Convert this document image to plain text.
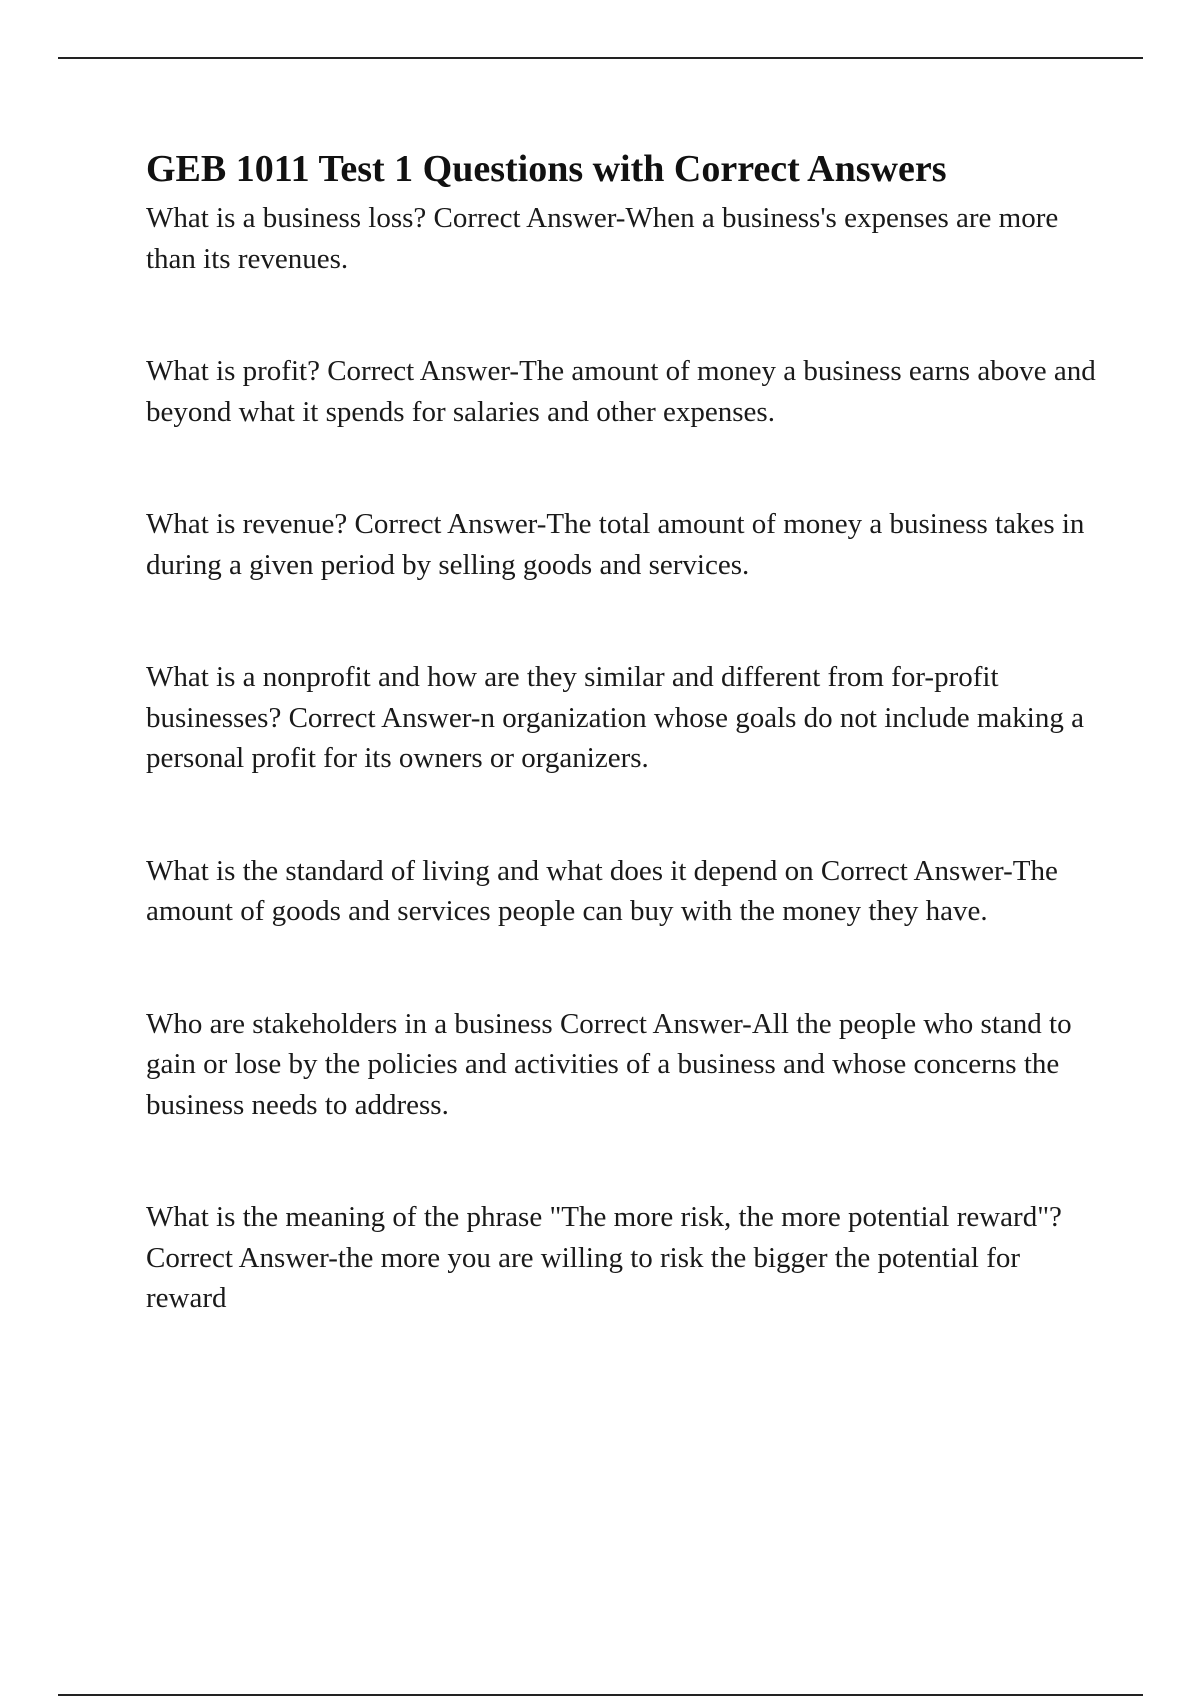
GEB 1011 Test 1 Questions with Correct Answers

What is a business loss? Correct Answer-When a business's expenses are more than its revenues.

What is profit? Correct Answer-The amount of money a business earns above and beyond what it spends for salaries and other expenses.

What is revenue? Correct Answer-The total amount of money a business takes in during a given period by selling goods and services.

What is a nonprofit and how are they similar and different from for-profit businesses? Correct Answer-n organization whose goals do not include making a personal profit for its owners or organizers.

What is the standard of living and what does it depend on Correct Answer-The amount of goods and services people can buy with the money they have.

Who are stakeholders in a business Correct Answer-All the people who stand to gain or lose by the policies and activities of a business and whose concerns the business needs to address.

What is the meaning of the phrase "The more risk, the more potential reward"? Correct Answer-the more you are willing to risk the bigger the potential for reward
